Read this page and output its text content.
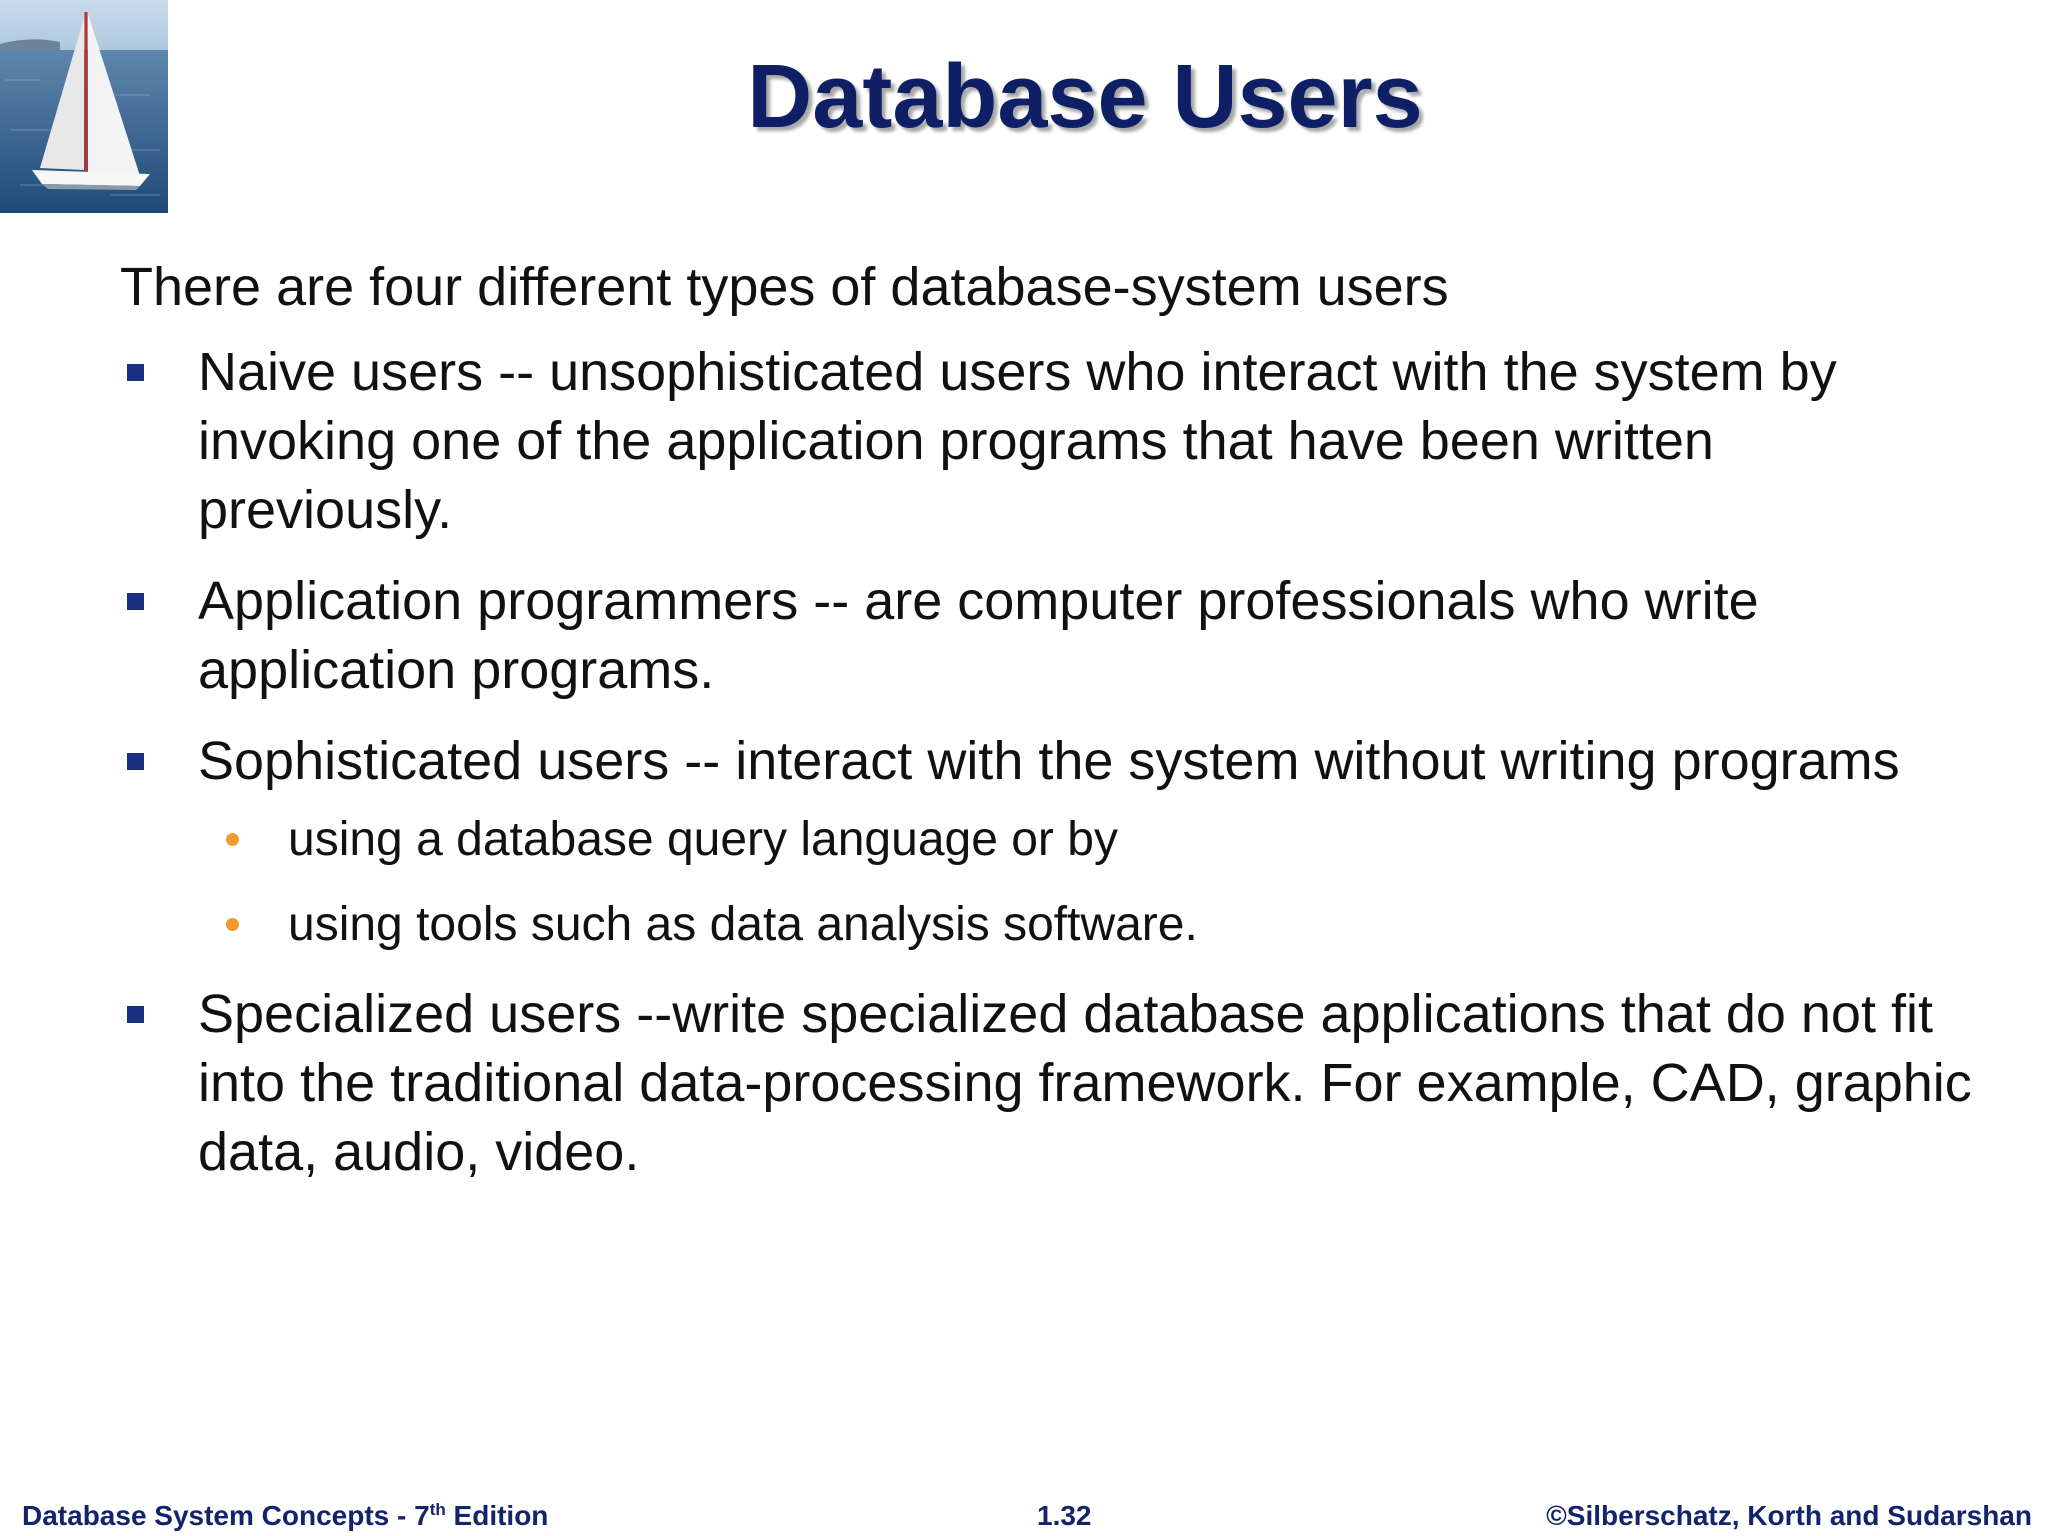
Database Users

There are four different types of database-system users

Naive users -- unsophisticated users who interact with the system by invoking one of the application programs that have been written previously.
Application programmers -- are computer professionals who write application programs.
Sophisticated users -- interact with the system without writing programs
using a database query language or by
using tools such as data analysis software.
Specialized users --write specialized database applications that do not fit into the traditional data-processing framework. For example, CAD, graphic data, audio, video.
Database System Concepts - 7th Edition	1.32	©Silberschatz, Korth and Sudarshan
